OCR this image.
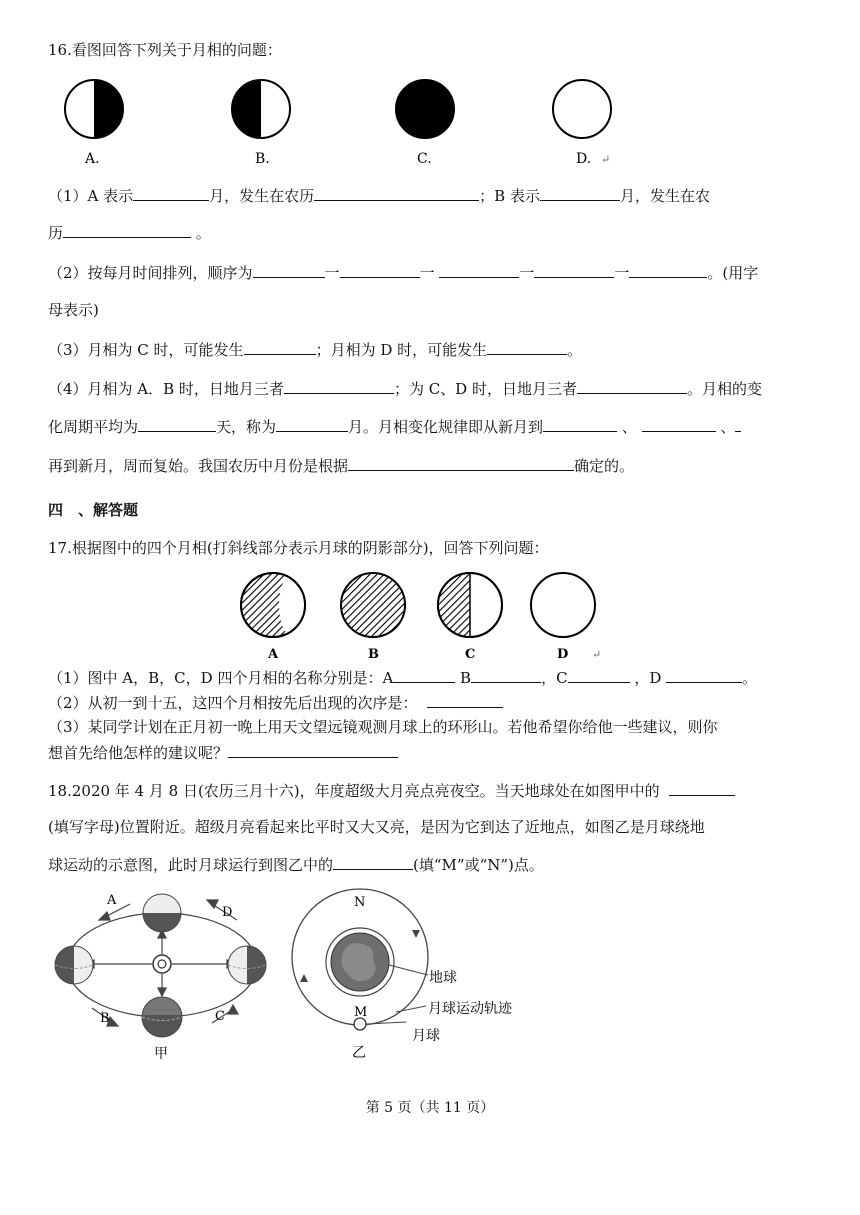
16.看图回答下列关于月相的问题：
A.	B.	C.	D. ↵
（1）A 表示	月，发生在农历	；B 表示	月，发生在农
历	。
（2）按每月时间排列，顺序为	一	一	一	一	。(用字
母表示)
（3）月相为 C 时，可能发生	；月相为 D 时，可能发生	。
（4）月相为 A．B 时，日地月三者	；为 C、D 时，日地月三者	。月相的变
化周期平均为	天，称为	月。月相变化规律即从新月到	、	、
再到新月，周而复始。我国农历中月份是根据	确定的。
四　、解答题
17.根据图中的四个月相(打斜线部分表示月球的阴影部分)，回答下列问题：
A	B	C	D ↵
（1）图中 A，B，C，D 四个月相的名称分别是：A	B	，C	，D	。
（2）从初一到十五，这四个月相按先后出现的次序是：
（3）某同学计划在正月初一晚上用天文望远镜观测月球上的环形山。若他希望你给他一些建议，则你
想首先给他怎样的建议呢？
18.2020 年 4 月 8 日(农历三月十六)，年度超级大月亮点亮夜空。当天地球处在如图甲中的
(填写字母)位置附近。超级月亮看起来比平时又大又亮，是因为它到达了近地点，如图乙是月球绕地
球运动的示意图，此时月球运行到图乙中的	(填“M”或“N”)点。
A
D
B	C
甲
N
M
地球
月球运动轨迹
月球
乙
第 5 页（共 11 页）
